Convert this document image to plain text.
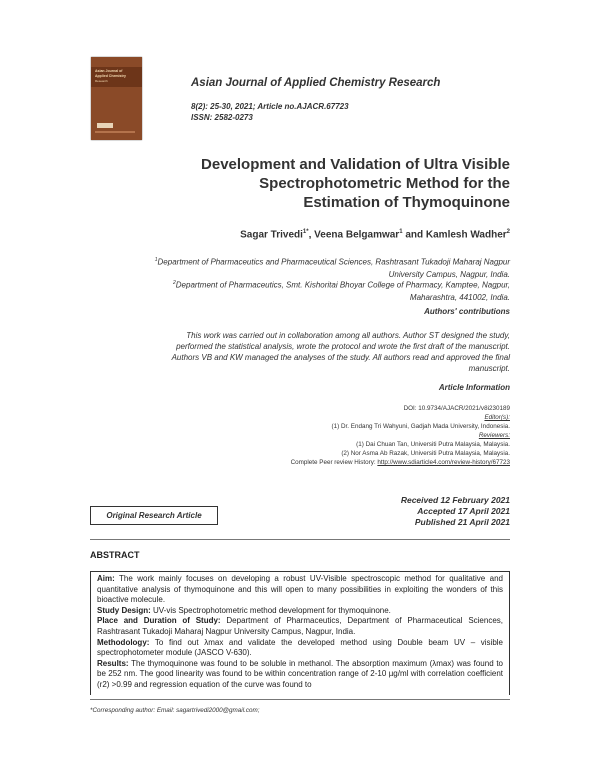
Asian Journal of
Applied Chemistry
Research	Asian Journal of Applied Chemistry Research
8(2): 25-30, 2021; Article no.AJACR.67723
ISSN: 2582-0273
Development and Validation of Ultra Visible
Spectrophotometric Method for the
Estimation of Thymoquinone
Sagar Trivedi$^{1*}$, Veena Belgamwar$^1$ and Kamlesh Wadher$^2$
$^1$Department of Pharmaceutics and Pharmaceutical Sciences, Rashtrasant Tukadoji Maharaj Nagpur
University Campus, Nagpur, India.
$^2$Department of Pharmaceutics, Smt. Kishoritai Bhoyar College of Pharmacy, Kamptee, Nagpur,
Maharashtra, 441002, India.
Authors' contributions
This work was carried out in collaboration among all authors. Author ST designed the study,
performed the statistical analysis, wrote the protocol and wrote the first draft of the manuscript.
Authors VB and KW managed the analyses of the study. All authors read and approved the final
manuscript.
Article Information
DOI: 10.9734/AJACR/2021/v8i230189
Editor(s):
(1) Dr. Endang Tri Wahyuni, Gadjah Mada University, Indonesia.
Reviewers:
(1) Dai Chuan Tan, Universiti Putra Malaysia, Malaysia.
(2) Nor Asma Ab Razak, Universiti Putra Malaysia, Malaysia.
Complete Peer review History: http://www.sdiarticle4.com/review-history/67723
Received 12 February 2021
Accepted 17 April 2021
Published 21 April 2021
Original Research Article
ABSTRACT

Aim: The work mainly focuses on developing a robust UV-Visible spectroscopic method for qualitative and quantitative analysis of thymoquinone and this will open to many possibilities in exploiting the wonders of this bioactive molecule.

Study Design: UV-vis Spectrophotometric method development for thymoquinone.

Place and Duration of Study: Department of Pharmaceutics, Department of Pharmaceutical Sciences, Rashtrasant Tukadoji Maharaj Nagpur University Campus, Nagpur, India.

Methodology: To find out λmax and validate the developed method using Double beam UV – visible spectrophotometer module (JASCO V-630).

Results: The thymoquinone was found to be soluble in methanol. The absorption maximum (λmax) was found to be 252 nm. The good linearity was found to be within concentration range of 2-10 µg/ml with correlation coefficient (r2) >0.99 and regression equation of the curve was found to

*Corresponding author: Email: sagartrivedi2000@gmail.com;
